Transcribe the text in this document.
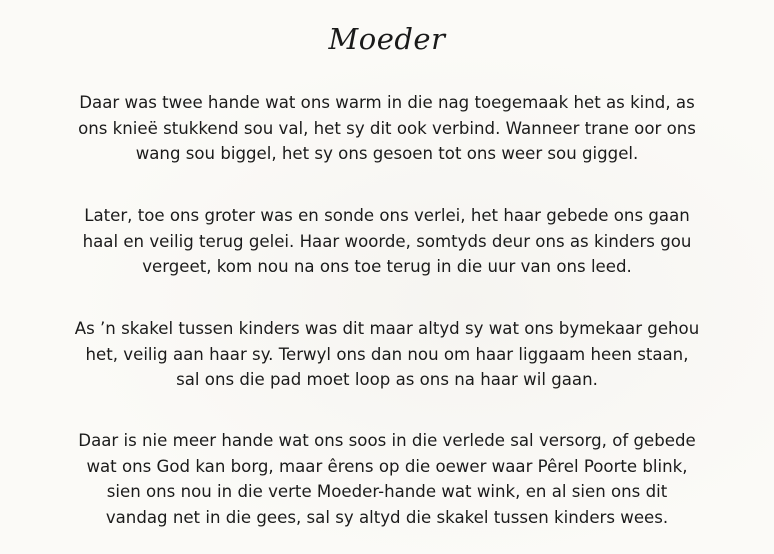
Moeder
Daar was twee hande wat ons warm in die nag toegemaak het as kind, as
ons knieë stukkend sou val, het sy dit ook verbind. Wanneer trane oor ons
wang sou biggel, het sy ons gesoen tot ons weer sou giggel.
Later, toe ons groter was en sonde ons verlei, het haar gebede ons gaan
haal en veilig terug gelei. Haar woorde, somtyds deur ons as kinders gou
vergeet, kom nou na ons toe terug in die uur van ons leed.
As ’n skakel tussen kinders was dit maar altyd sy wat ons bymekaar gehou
het, veilig aan haar sy. Terwyl ons dan nou om haar liggaam heen staan,
sal ons die pad moet loop as ons na haar wil gaan.
Daar is nie meer hande wat ons soos in die verlede sal versorg, of gebede
wat ons God kan borg, maar êrens op die oewer waar Pêrel Poorte blink,
sien ons nou in die verte Moeder-hande wat wink, en al sien ons dit
vandag net in die gees, sal sy altyd die skakel tussen kinders wees.
